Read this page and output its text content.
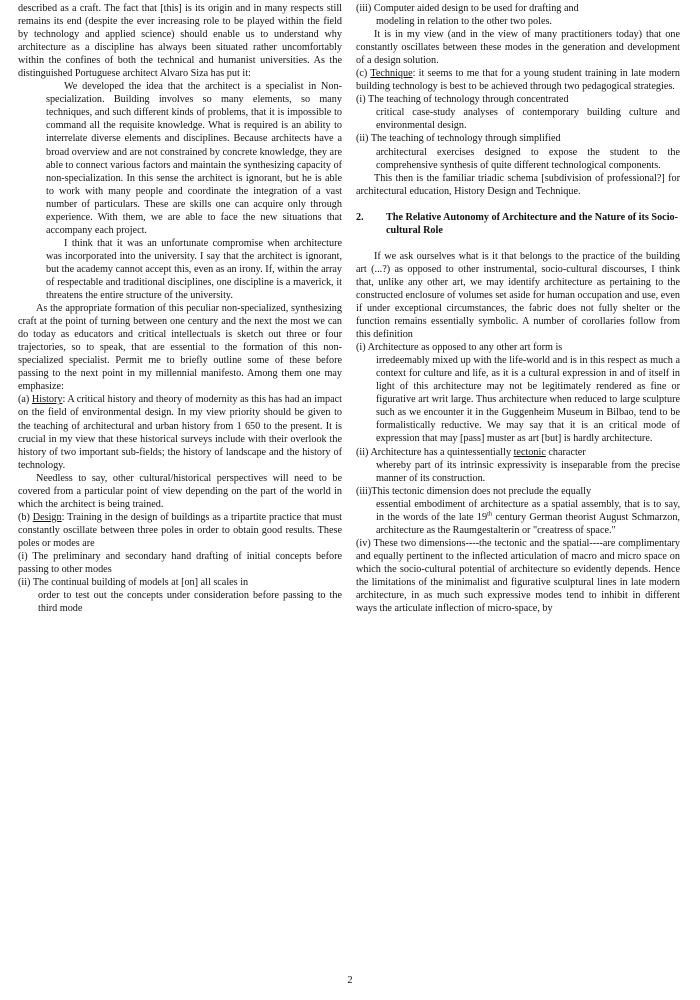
described as a craft. The fact that [this] is its origin and in many respects still remains its end (despite the ever increasing role to be played within the field by technology and applied science) should enable us to understand why architecture as a discipline has always been situated rather uncomfortably within the confines of both the technical and humanist universities. As the distinguished Portuguese architect Alvaro Siza has put it:

We developed the idea that the architect is a specialist in Non-specialization. Building involves so many elements, so many techniques, and such different kinds of problems, that it is impossible to command all the requisite knowledge. What is required is an ability to interrelate diverse elements and disciplines. Because architects have a broad overview and are not constrained by concrete knowledge, they are able to connect various factors and maintain the synthesizing capacity of non-specialization. In this sense the architect is ignorant, but he is able to work with many people and coordinate the integration of a vast number of particulars. These are skills one can acquire only through experience. With them, we are able to face the new situations that accompany each project.

I think that it was an unfortunate compromise when architecture was incorporated into the university. I say that the architect is ignorant, but the academy cannot accept this, even as an irony. If, within the array of respectable and traditional disciplines, one discipline is a maverick, it threatens the entire structure of the university.

As the appropriate formation of this peculiar non-specialized, synthesizing craft at the point of turning between one century and the next the most we can do today as educators and critical intellectuals is sketch out three or four trajectories, so to speak, that are essential to the formation of this non-specialized specialist. Permit me to briefly outline some of these before passing to the next point in my millennial manifesto. Among them one may emphasize:

(a) History: A critical history and theory of modernity as this has had an impact on the field of environmental design. In my view priority should be given to the teaching of architectural and urban history from 1 650 to the present. It is crucial in my view that these historical surveys include with their overlook the history of two important sub-fields; the history of landscape and the history of technology.

Needless to say, other cultural/historical perspectives will need to be covered from a particular point of view depending on the part of the world in which the architect is being trained.

(b) Design: Training in the design of buildings as a tripartite practice that must constantly oscillate between three poles in order to obtain good results. These poles or modes are

(i) The preliminary and secondary hand drafting of initial concepts before passing to other modes

(ii) The continual building of models at [on] all scales in

order to test out the concepts under consideration before passing to the third mode

(iii) Computer aided design to be used for drafting and

modeling in relation to the other two poles.

It is in my view (and in the view of many practitioners today) that one constantly oscillates between these modes in the generation and development of a design solution.

(c) Technique: it seems to me that for a young student training in late modern building technology is best to be achieved through two pedagogical strategies.

(i) The teaching of technology through concentrated

critical case-study analyses of contemporary building culture and environmental design.

(ii) The teaching of technology through simplified

architectural exercises designed to expose the student to the comprehensive synthesis of quite different technological components.

This then is the familiar triadic schema [subdivision of professional?] for architectural education, History Design and Technique.

2.	The Relative Autonomy of Architecture and the Nature of its Socio-cultural Role

If we ask ourselves what is it that belongs to the practice of the building art (...?) as opposed to other instrumental, socio-cultural discourses, I think that, unlike any other art, we may identify architecture as pertaining to the constructed enclosure of volumes set aside for human occupation and use, even if under exceptional circumstances, the fabric does not fully shelter or the function remains essentially symbolic. A number of corollaries follow from this definition

(i) Architecture as opposed to any other art form is

irredeemably mixed up with the life-world and is in this respect as much a context for culture and life, as it is a cultural expression in and of itself in light of this architecture may not be legitimately rendered as fine or figurative art writ large. Thus architecture when reduced to large sculpture such as we encounter it in the Guggenheim Museum in Bilbao, tend to be formalistically reductive. We may say that it is an critical mode of expression that may [pass] muster as art [but] is hardly architecture.

(ii) Architecture has a quintessentially tectonic character

whereby part of its intrinsic expressivity is inseparable from the precise manner of its construction.

(iii)This tectonic dimension does not preclude the equally

essential embodiment of architecture as a spatial assembly, that is to say, in the words of the late 19th century German theorist August Schmarzon, architecture as the Raumgestalterin or "creatress of space."

(iv) These two dimensions----the tectonic and the spatial----are complimentary and equally pertinent to the inflected articulation of macro and micro space on which the socio-cultural potential of architecture so evidently depends. Hence the limitations of the minimalist and figurative sculptural lines in late modern architecture, in as much such expressive modes tend to inhibit in different ways the articulate inflection of micro-space, by

2
